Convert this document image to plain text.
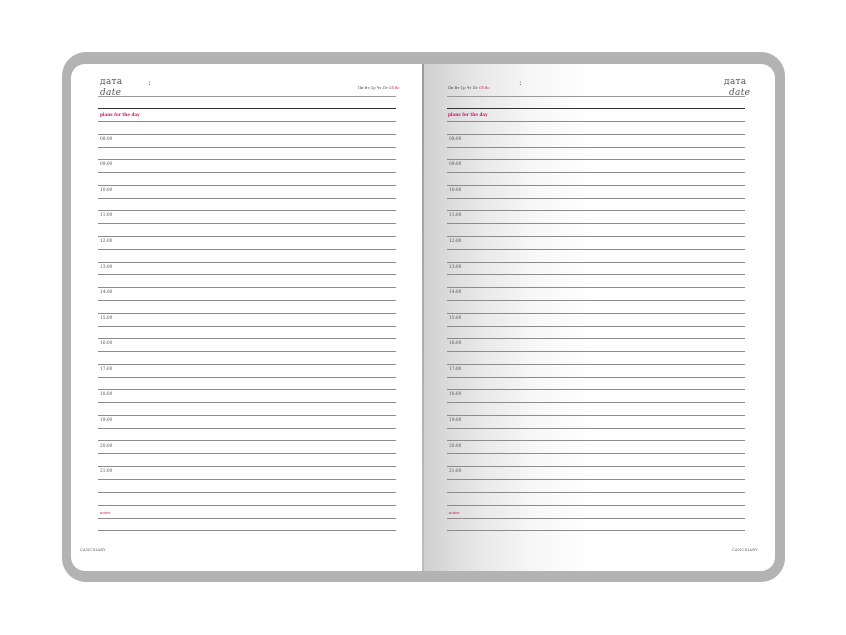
дата
date
:
Пн Вт Ср Чт Пт Сб Вс
plans for the day
Пн Вт Ср Чт Пт Сб Вс
:	дата
date
plans for the day
08:00
09:00
10:00
11:00
12:00
13:00
14:00
15:00
16:00
17:00
18:00
19:00
20:00
21:00
notes
08:00
09:00
10:00
11:00
12:00
13:00
14:00
15:00
16:00
17:00
18:00
19:00
20:00
21:00
notes
CANCDIARY	CANCDIARY
